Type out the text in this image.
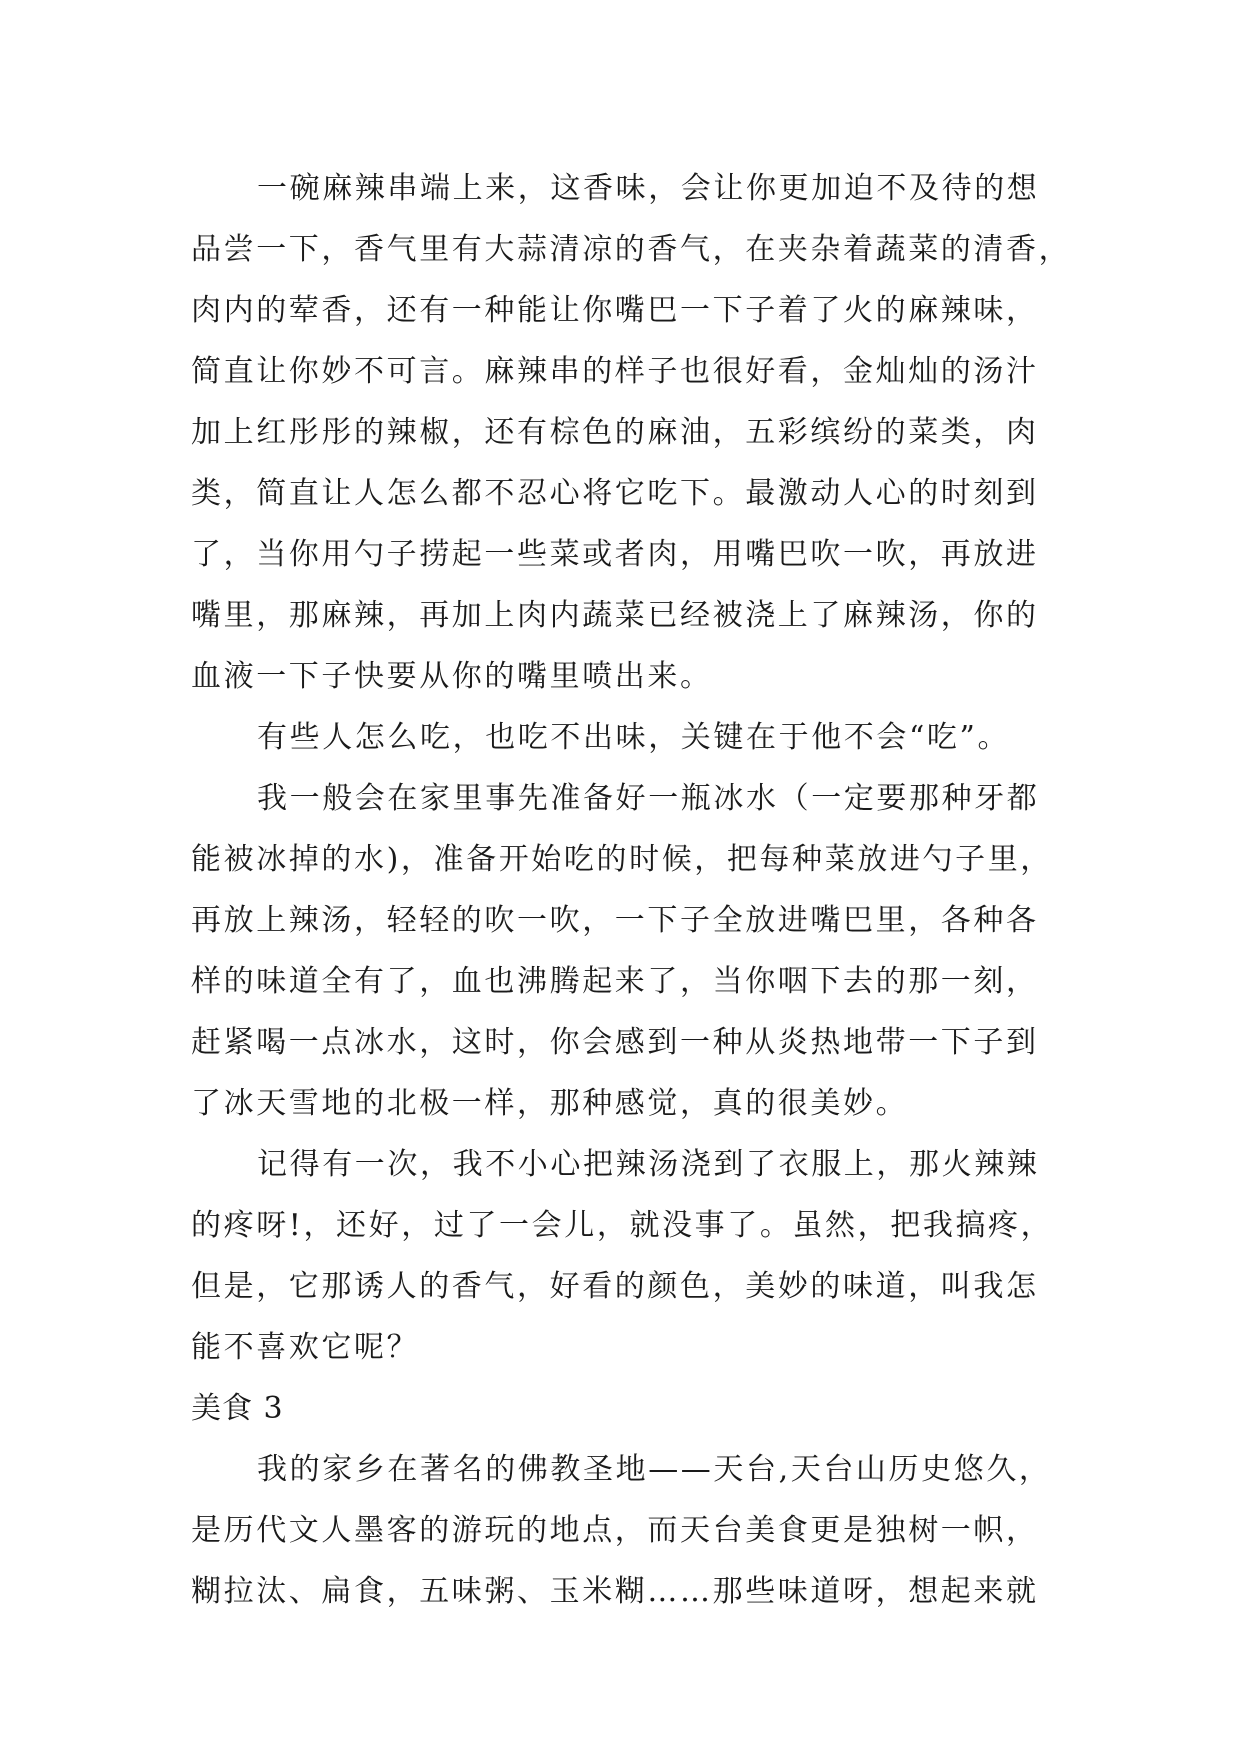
一碗麻辣串端上来，这香味，会让你更加迫不及待的想
品尝一下，香气里有大蒜清凉的香气，在夹杂着蔬菜的清香，
肉内的荤香，还有一种能让你嘴巴一下子着了火的麻辣味，
简直让你妙不可言。麻辣串的样子也很好看，金灿灿的汤汁
加上红彤彤的辣椒，还有棕色的麻油，五彩缤纷的菜类，肉
类，简直让人怎么都不忍心将它吃下。最激动人心的时刻到
了，当你用勺子捞起一些菜或者肉，用嘴巴吹一吹，再放进
嘴里，那麻辣，再加上肉内蔬菜已经被浇上了麻辣汤，你的
血液一下子快要从你的嘴里喷出来。
有些人怎么吃，也吃不出味，关键在于他不会“吃”。
我一般会在家里事先准备好一瓶冰水（一定要那种牙都
能被冰掉的水)，准备开始吃的时候，把每种菜放进勺子里，
再放上辣汤，轻轻的吹一吹，一下子全放进嘴巴里，各种各
样的味道全有了，血也沸腾起来了，当你咽下去的那一刻，
赶紧喝一点冰水，这时，你会感到一种从炎热地带一下子到
了冰天雪地的北极一样，那种感觉，真的很美妙。
记得有一次，我不小心把辣汤浇到了衣服上，那火辣辣
的疼呀!，还好，过了一会儿，就没事了。虽然，把我搞疼，
但是，它那诱人的香气，好看的颜色，美妙的味道，叫我怎
能不喜欢它呢？
美食 3
我的家乡在著名的佛教圣地——天台,天台山历史悠久，
是历代文人墨客的游玩的地点，而天台美食更是独树一帜，
糊拉汰、扁食，五味粥、玉米糊……那些味道呀，想起来就
